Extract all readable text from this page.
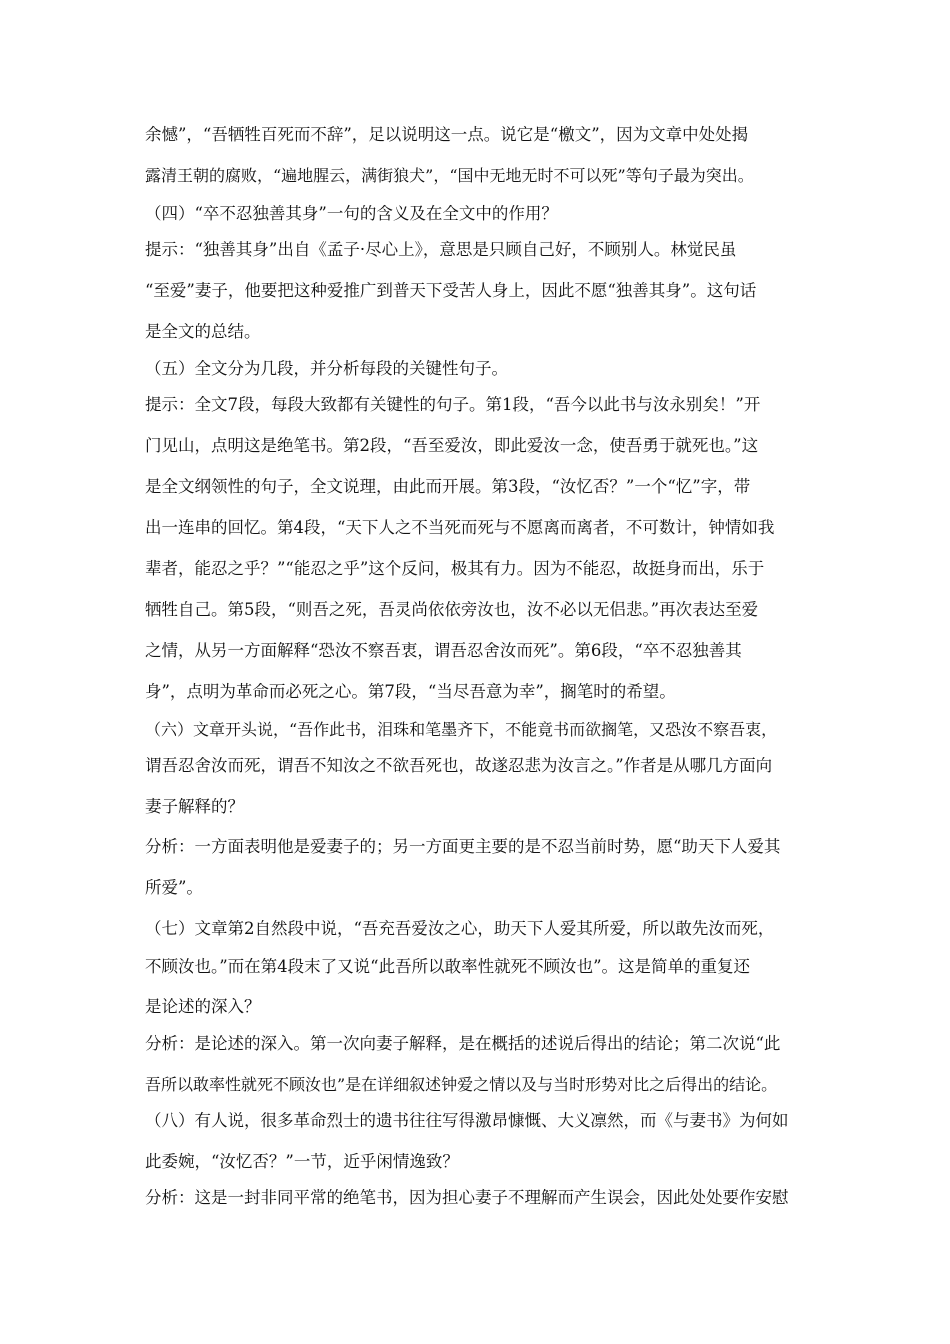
余憾”，“吾牺牲百死而不辞”，足以说明这一点。说它是“檄文”，因为文章中处处揭
露清王朝的腐败，“遍地腥云，满街狼犬”，“国中无地无时不可以死”等句子最为突出。
（四）“卒不忍独善其身”一句的含义及在全文中的作用？
提示：“独善其身”出自《孟子·尽心上》，意思是只顾自己好，不顾别人。林觉民虽
“至爱”妻子，他要把这种爱推广到普天下受苦人身上，因此不愿“独善其身”。这句话
是全文的总结。
（五）全文分为几段，并分析每段的关键性句子。
提示：全文7段，每段大致都有关键性的句子。第1段，“吾今以此书与汝永别矣！”开
门见山，点明这是绝笔书。第2段，“吾至爱汝，即此爱汝一念，使吾勇于就死也。”这
是全文纲领性的句子，全文说理，由此而开展。第3段，“汝忆否？”一个“忆”字，带
出一连串的回忆。第4段，“天下人之不当死而死与不愿离而离者，不可数计，钟情如我
辈者，能忍之乎？”“能忍之乎”这个反问，极其有力。因为不能忍，故挺身而出，乐于
牺牲自己。第5段，“则吾之死，吾灵尚依依旁汝也，汝不必以无侣悲。”再次表达至爱
之情，从另一方面解释“恐汝不察吾衷，谓吾忍舍汝而死”。第6段，“卒不忍独善其
身”，点明为革命而必死之心。第7段，“当尽吾意为幸”，搁笔时的希望。
（六）文章开头说，“吾作此书，泪珠和笔墨齐下，不能竟书而欲搁笔，又恐汝不察吾衷，
谓吾忍舍汝而死，谓吾不知汝之不欲吾死也，故遂忍悲为汝言之。”作者是从哪几方面向
妻子解释的？
分析：一方面表明他是爱妻子的；另一方面更主要的是不忍当前时势，愿“助天下人爱其
所爱”。
（七）文章第2自然段中说，“吾充吾爱汝之心，助天下人爱其所爱，所以敢先汝而死，
不顾汝也。”而在第4段末了又说“此吾所以敢率性就死不顾汝也”。这是简单的重复还
是论述的深入？
分析：是论述的深入。第一次向妻子解释，是在概括的述说后得出的结论；第二次说“此
吾所以敢率性就死不顾汝也”是在详细叙述钟爱之情以及与当时形势对比之后得出的结论。
（八）有人说，很多革命烈士的遗书往往写得激昂慷慨、大义凛然，而《与妻书》为何如
此委婉，“汝忆否？”一节，近乎闲情逸致？
分析：这是一封非同平常的绝笔书，因为担心妻子不理解而产生误会，因此处处要作安慰
